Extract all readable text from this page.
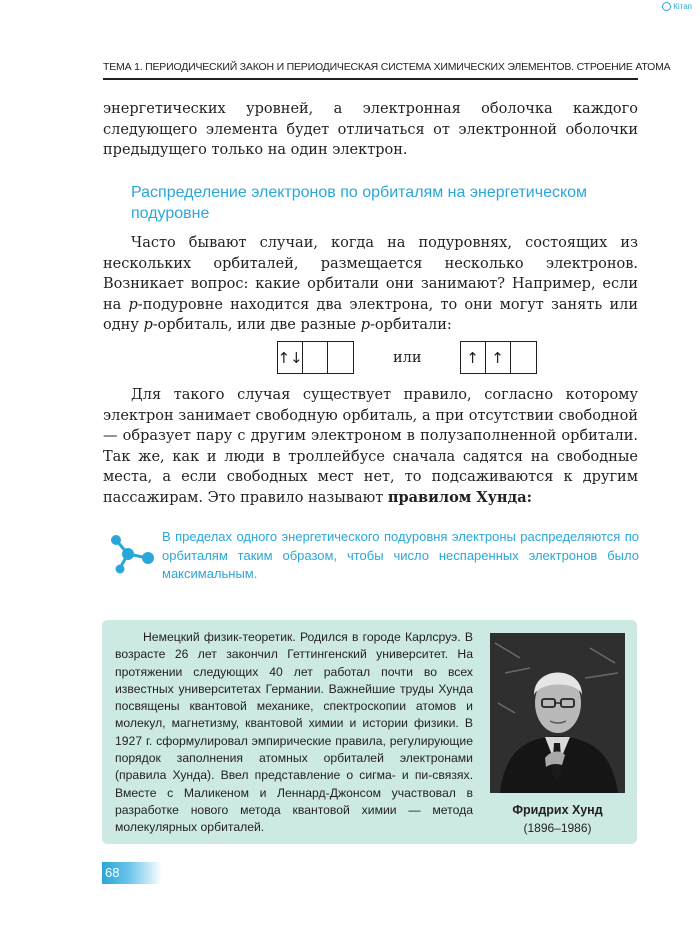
Кітап
ТЕМА 1. ПЕРИОДИЧЕСКИЙ ЗАКОН И ПЕРИОДИЧЕСКАЯ СИСТЕМА ХИМИЧЕСКИХ ЭЛЕМЕНТОВ. СТРОЕНИЕ АТОМА
энергетических уровней, а электронная оболочка каждого следующего элемента будет отличаться от электронной оболочки предыдущего только на один электрон.
Распределение электронов по орбиталям на энергетическом подуровне
Часто бывают случаи, когда на подуровнях, состоящих из нескольких орбиталей, размещается несколько электронов. Возникает вопрос: какие орбитали они занимают? Например, если на p-подуровне находится два электрона, то они могут занять или одну p-орбиталь, или две разные p-орбитали:
↑↓	или	↑ ↑
Для такого случая существует правило, согласно которому электрон занимает свободную орбиталь, а при отсутствии свободной — образует пару с другим электроном в полузаполненной орбитали. Так же, как и люди в троллейбусе сначала садятся на свободные места, а если свободных мест нет, то подсаживаются к другим пассажирам. Это правило называют правилом Хунда:
В пределах одного энергетического подуровня электроны распределяются по орбиталям таким образом, чтобы число неспаренных электронов было максимальным.
Немецкий физик-теоретик. Родился в городе Карлсруэ. В возрасте 26 лет закончил Геттингенский университет. На протяжении следующих 40 лет работал почти во всех известных университетах Германии. Важнейшие труды Хунда посвящены квантовой механике, спектроскопии атомов и молекул, магнетизму, квантовой химии и истории физики. В 1927 г. сформулировал эмпирические правила, регулирующие порядок заполнения атомных орбиталей электронами (правила Хунда). Ввел представление о сигма- и пи-связях. Вместе с Маликеном и Леннард-Джонсом участвовал в разработке нового метода квантовой химии — метода молекулярных орбиталей.
Фридрих Хунд
(1896–1986)
68
